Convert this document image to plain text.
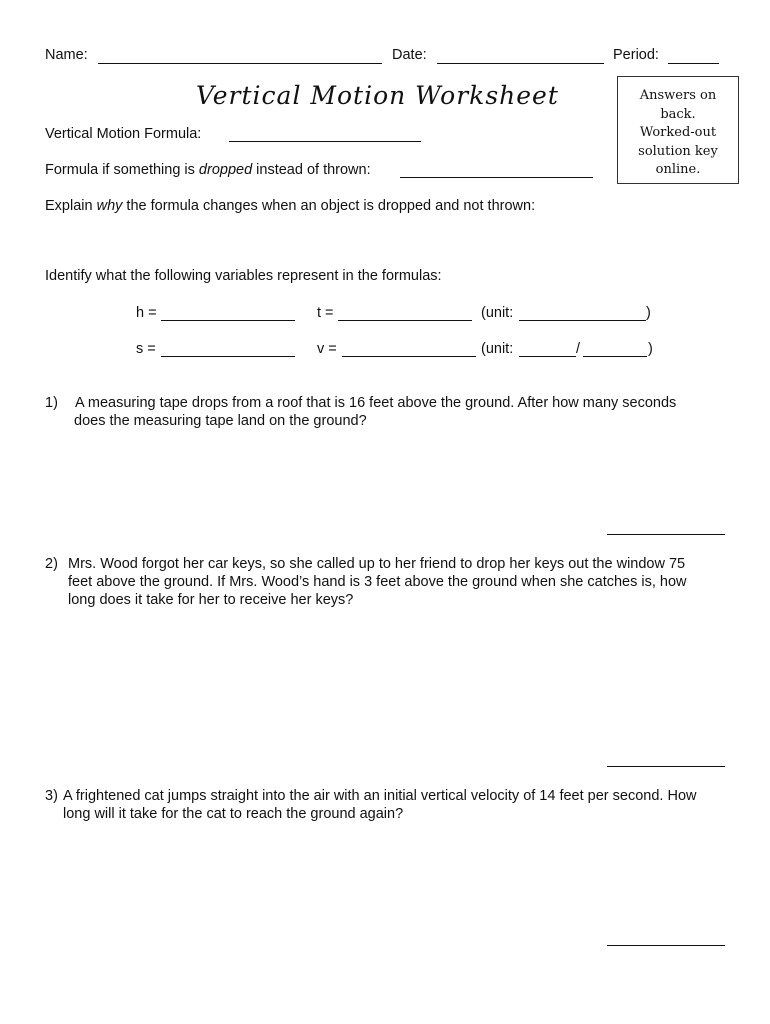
Name:	Date:	Period:
Vertical Motion Worksheet	Answers on
back.
Worked-out
solution key
online.
Vertical Motion Formula:
Formula if something is dropped instead of thrown:
Explain why the formula changes when an object is dropped and not thrown:
Identify what the following variables represent in the formulas:
h =	t =	(unit:	)
s =	v =	(unit:	/	)
1) A measuring tape drops from a roof that is 16 feet above the ground. After how many seconds
does the measuring tape land on the ground?
2) Mrs. Wood forgot her car keys, so she called up to her friend to drop her keys out the window 75
feet above the ground. If Mrs. Wood’s hand is 3 feet above the ground when she catches is, how
long does it take for her to receive her keys?
3) A frightened cat jumps straight into the air with an initial vertical velocity of 14 feet per second. How
long will it take for the cat to reach the ground again?
